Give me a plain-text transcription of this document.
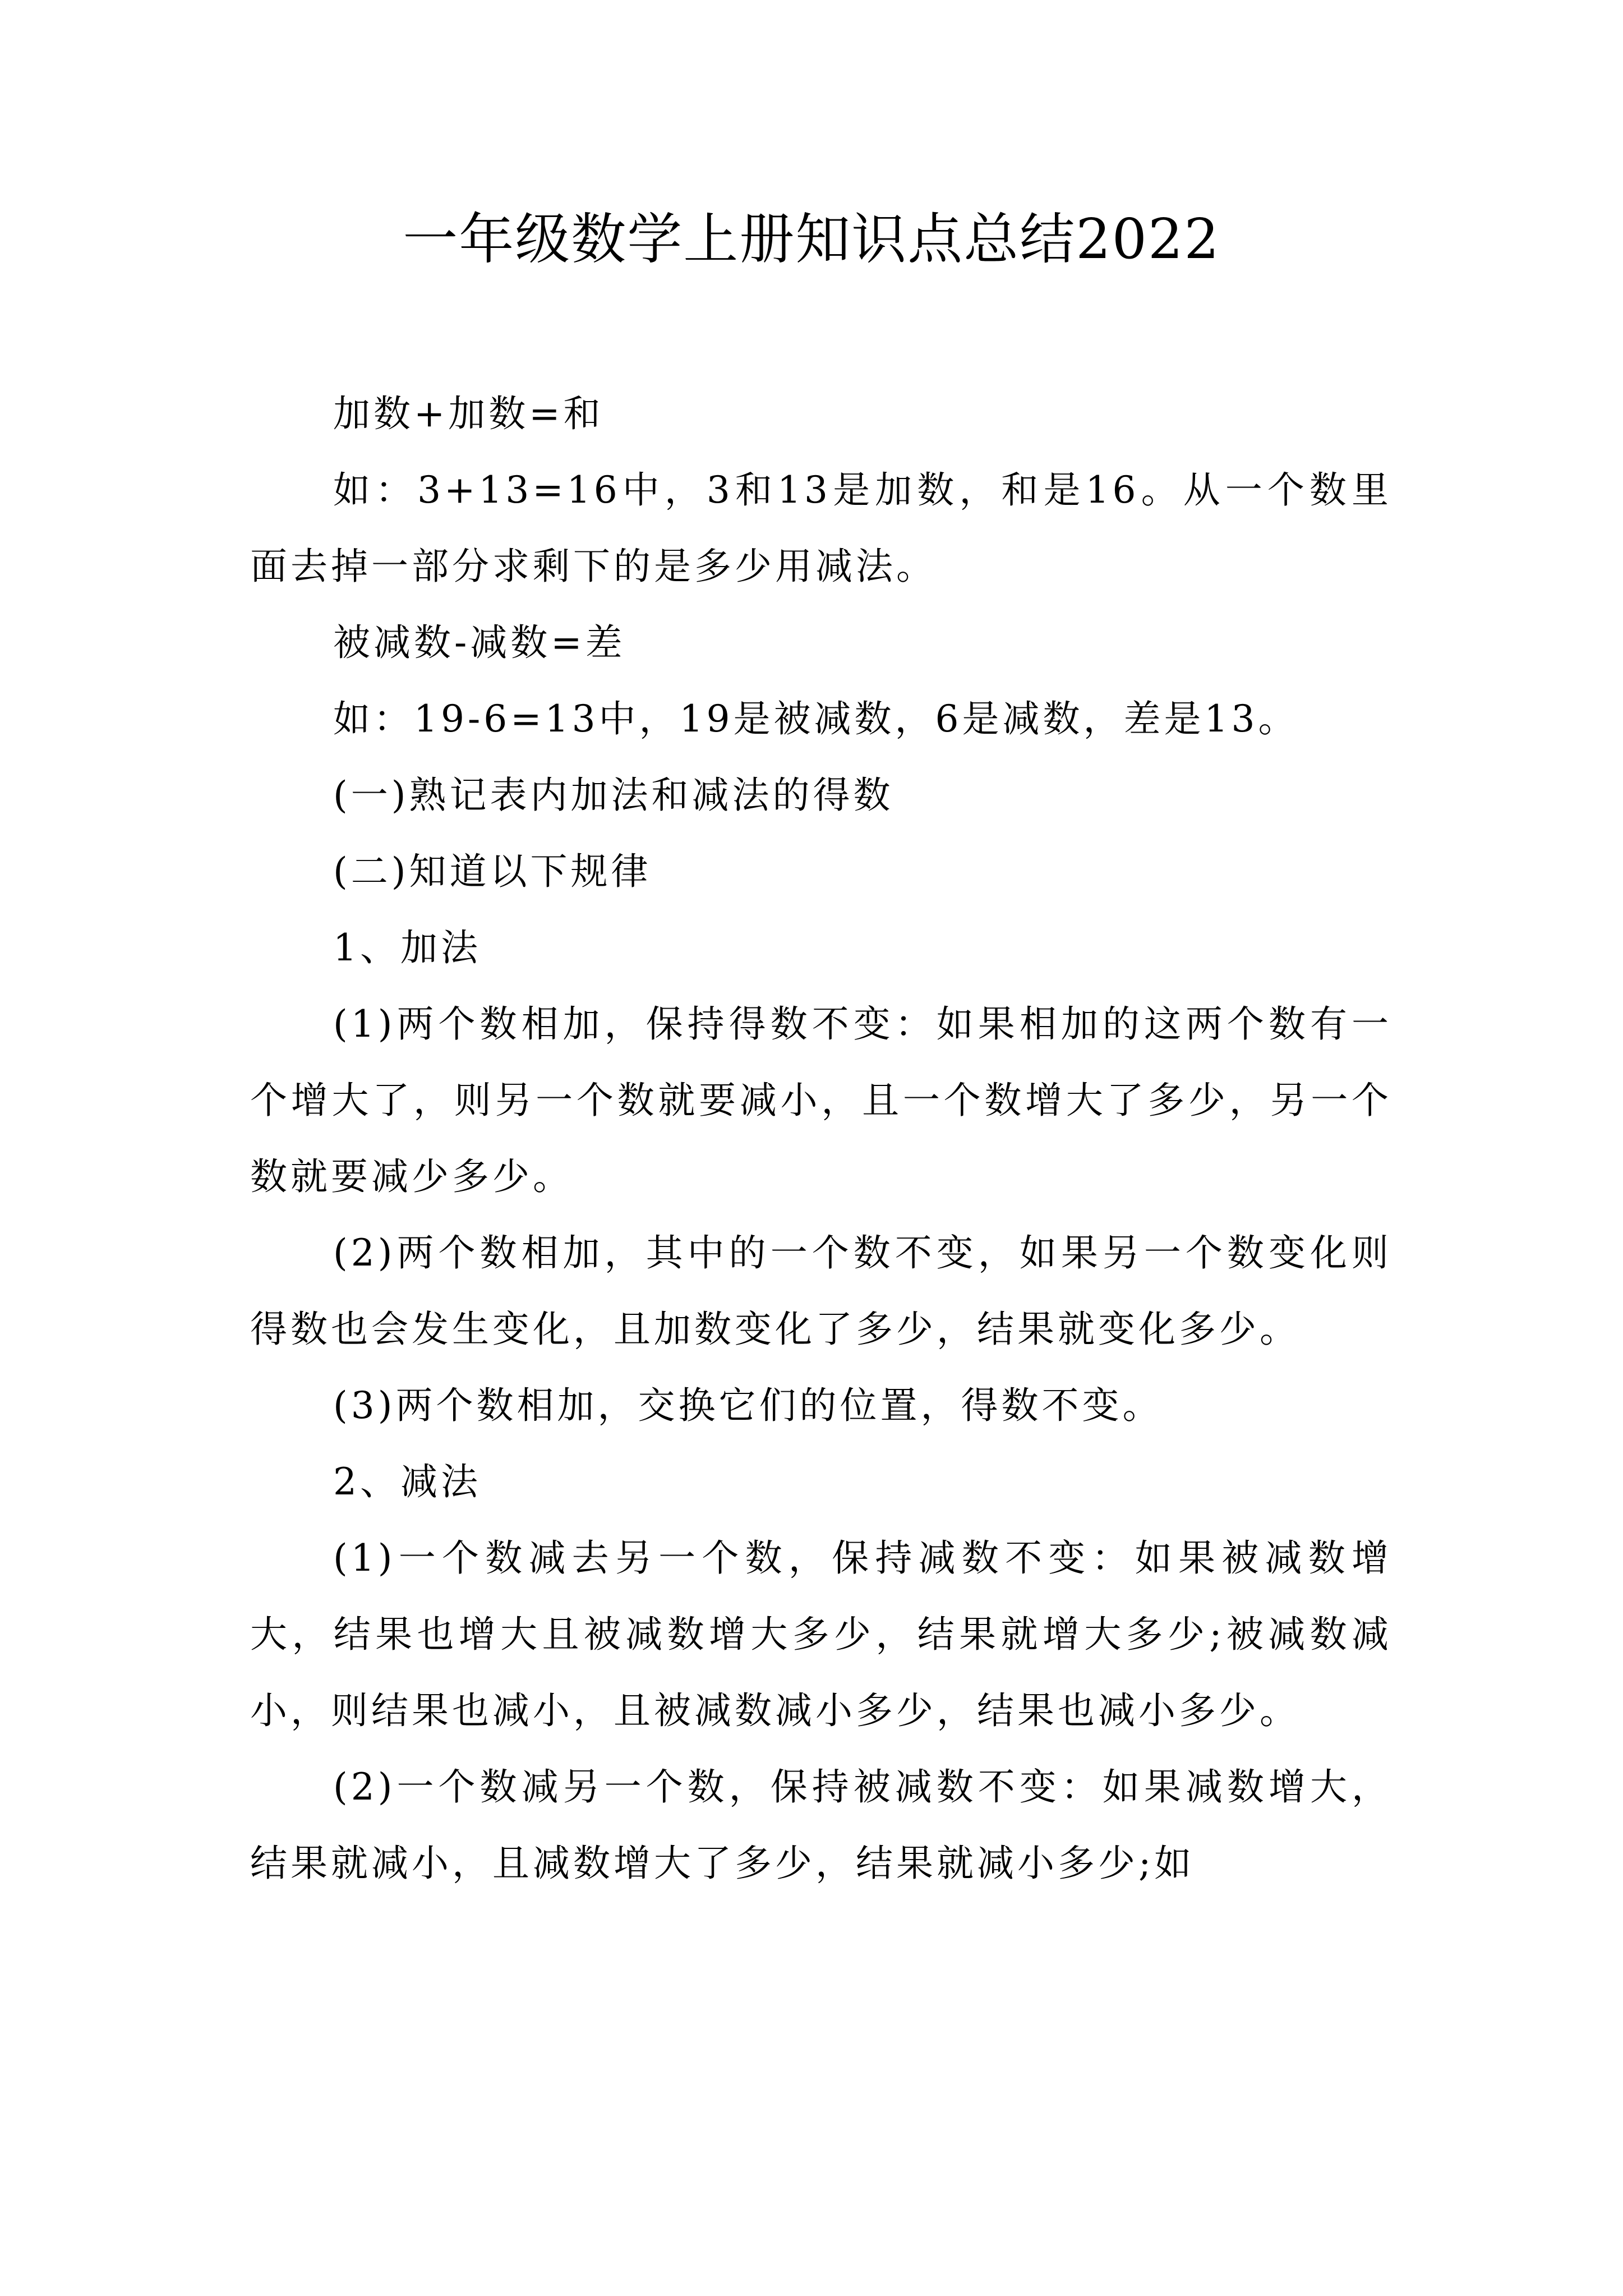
一年级数学上册知识点总结2022

加数+加数=和

如：3+13=16中，3和13是加数，和是16。从一个数里面去掉一部分求剩下的是多少用减法。

被减数-减数=差

如：19-6=13中，19是被减数，6是减数，差是13。

(一)熟记表内加法和减法的得数

(二)知道以下规律

1、加法

(1)两个数相加，保持得数不变：如果相加的这两个数有一个增大了，则另一个数就要减小，且一个数增大了多少，另一个数就要减少多少。

(2)两个数相加，其中的一个数不变，如果另一个数变化则得数也会发生变化，且加数变化了多少，结果就变化多少。

(3)两个数相加，交换它们的位置，得数不变。

2、减法

(1)一个数减去另一个数，保持减数不变：如果被减数增大，结果也增大且被减数增大多少，结果就增大多少;被减数减小，则结果也减小，且被减数减小多少，结果也减小多少。

(2)一个数减另一个数，保持被减数不变：如果减数增大，结果就减小，且减数增大了多少，结果就减小多少;如
